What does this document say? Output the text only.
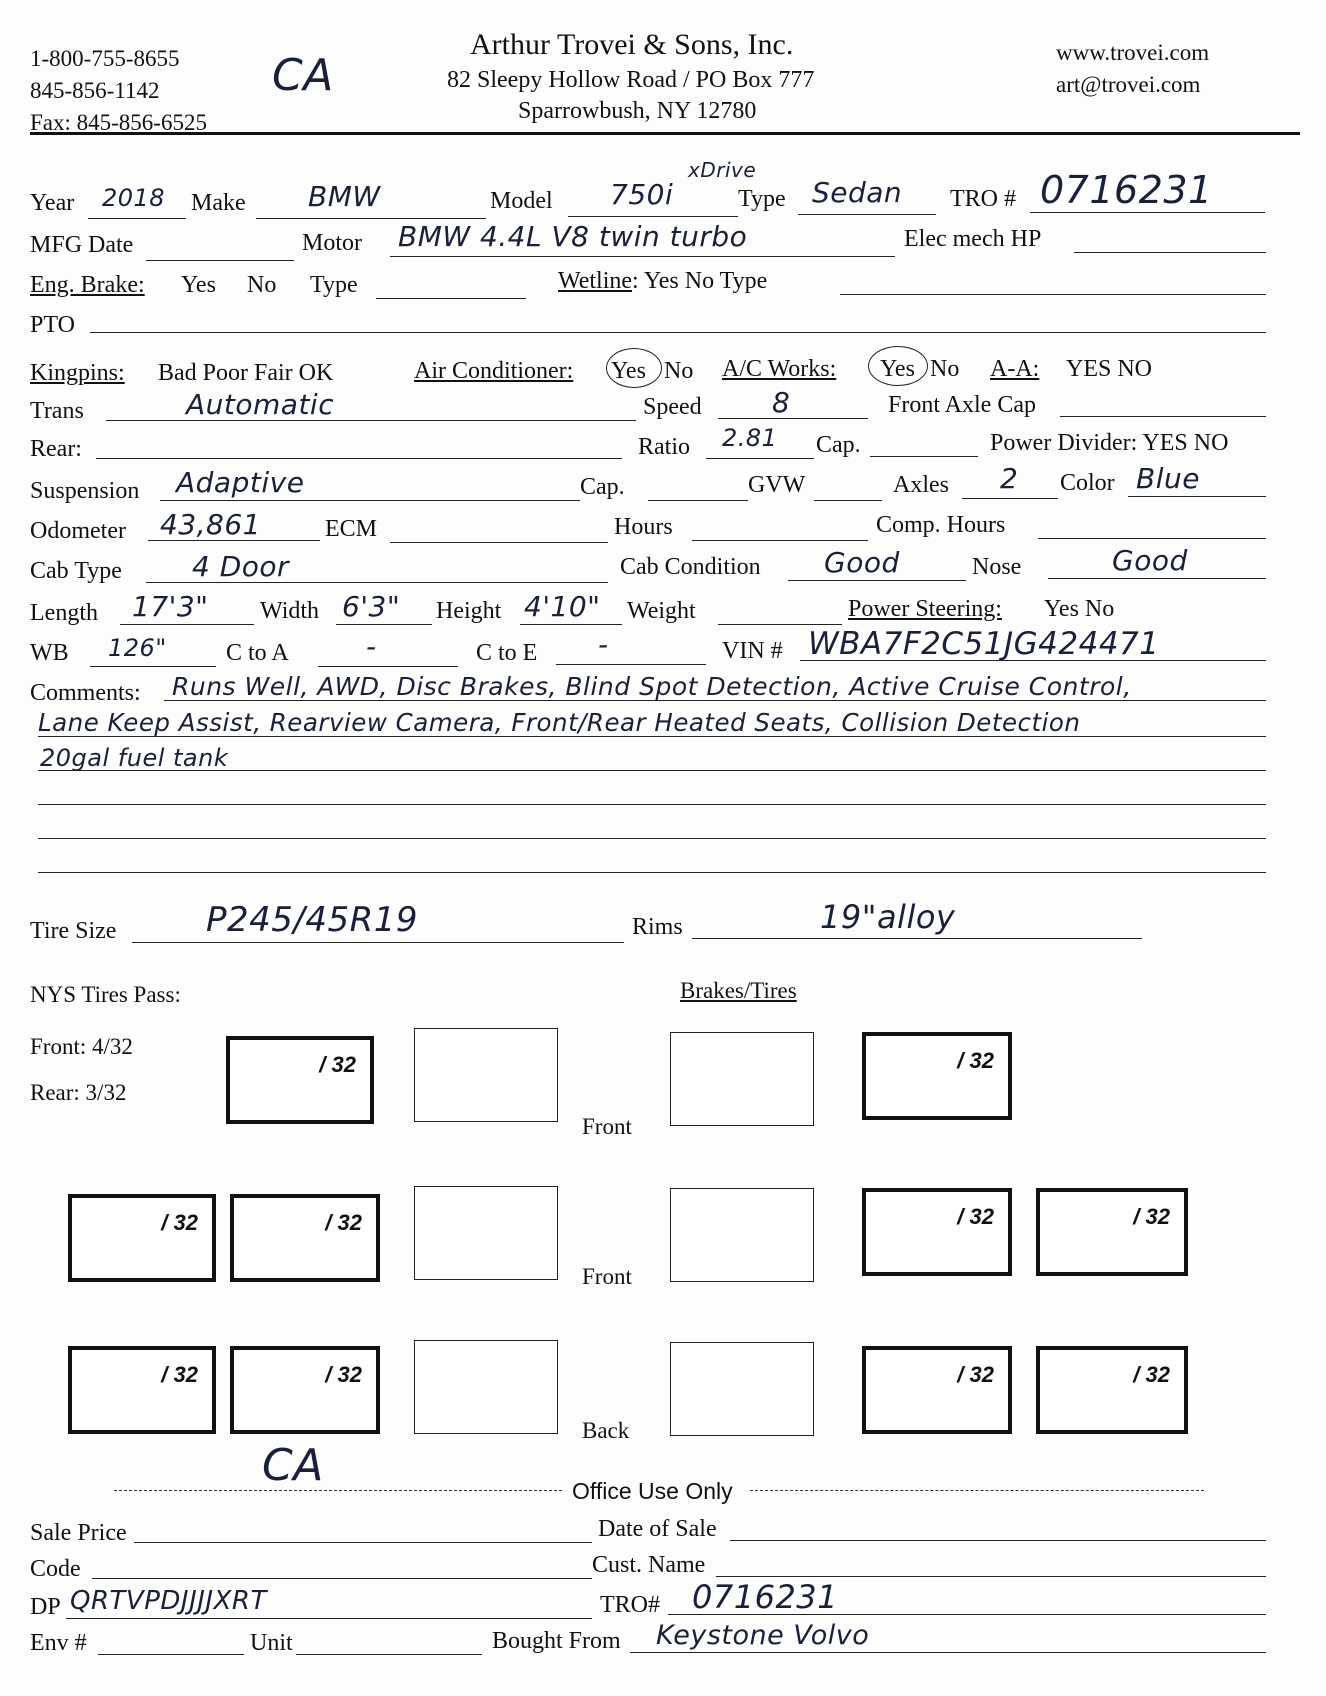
1-800-755-8655
845-856-1142
Fax: 845-856-6525
CA
Arthur Trovei & Sons, Inc.
82 Sleepy Hollow Road / PO Box 777
Sparrowbush, NY 12780
www.trovei.com
art@trovei.com
Year 2018 Make BMW	Model 750i
xDrive
Type Sedan TRO # 0716231
MFG Date	Motor BMW 4.4L V8 twin turbo	Elec mech HP
Eng. Brake: Yes No Type	Wetline: Yes No Type
PTO
Kingpins: Bad Poor Fair OK	Air Conditioner: Yes No A/C Works: Yes No A-A: YES NO
Trans	Automatic	Speed	8	Front Axle Cap
Rear:	Ratio 2.81 Cap.	Power Divider: YES NO
Suspension Adaptive	Cap.	GVW	Axles 2 Color Blue
Odometer 43,861	ECM	Hours	Comp. Hours
Cab Type	4 Door	Cab Condition Good	Nose	Good
Length 17'3" Width 6'3" Height 4'10" Weight	Power Steering: Yes No
WB 126" C to A	-	C to E -	VIN # WBA7F2C51JG424471
Comments: Runs Well, AWD, Disc Brakes, Blind Spot Detection, Active Cruise Control,
Lane Keep Assist, Rearview Camera, Front/Rear Heated Seats, Collision Detection
20gal fuel tank
Tire Size	P245/45R19	Rims	19"alloy
NYS Tires Pass:	Brakes/Tires
Front: 4/32
Rear: 3/32
/ 32
Front
/ 32
/ 32	/ 32
Front
/ 32	/ 32
/ 32	/ 32
Back
/ 32	/ 32
CA	Office Use Only
Sale Price	Date of Sale
Code	Cust. Name
DP QRTVPDJJJJXRT	TRO# 0716231
Env #	Unit	Bought From Keystone Volvo
